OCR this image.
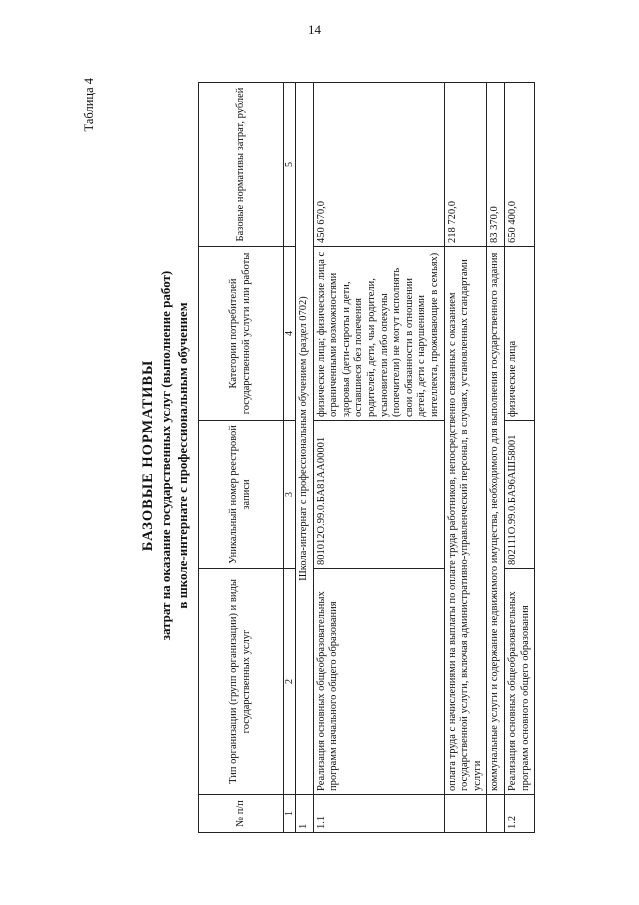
14
Таблица 4
БАЗОВЫЕ НОРМАТИВЫ затрат на оказание государственных услуг (выполнение работ) в школе-интернате с профессиональным обучением
№ п/п	Тип организации (групп организации) и виды государственных услуг	Уникальный номер реестровой записи	Категории потребителей государственной услуги или работы	Базовые нормативы затрат, рублей
1	2	3	4	5
1	Школа-интернат с профессиональным обучением (раздел 0702)			
1.1	Реализация основных общеобразовательных программ начального общего образования	801012О.99.0.БА81АА00001	физические лица; физические лица с ограниченными возможностями здоровья (дети-сироты и дети, оставшиеся без попечения родителей, дети, чьи родители, усыновители либо опекуны (попечители) не могут исполнять свои обязанности в отношении детей, дети с нарушениями интеллекта, проживающие в семьях)	450 670,0
	оплата труда с начислениями на выплаты по оплате труда работников, непосредственно связанных с оказанием государственной услуги, включая административно-управленческий персонал, в случаях, установленных стандартами услуги			218 720,0
	коммунальные услуги и содержание недвижимого имущества, необходимого для выполнения государственного задания			83 370,0
1.2	Реализация основных общеобразовательных программ основного общего образования	802111О.99.0.БА96АШ58001	физические лица	650 400,0
